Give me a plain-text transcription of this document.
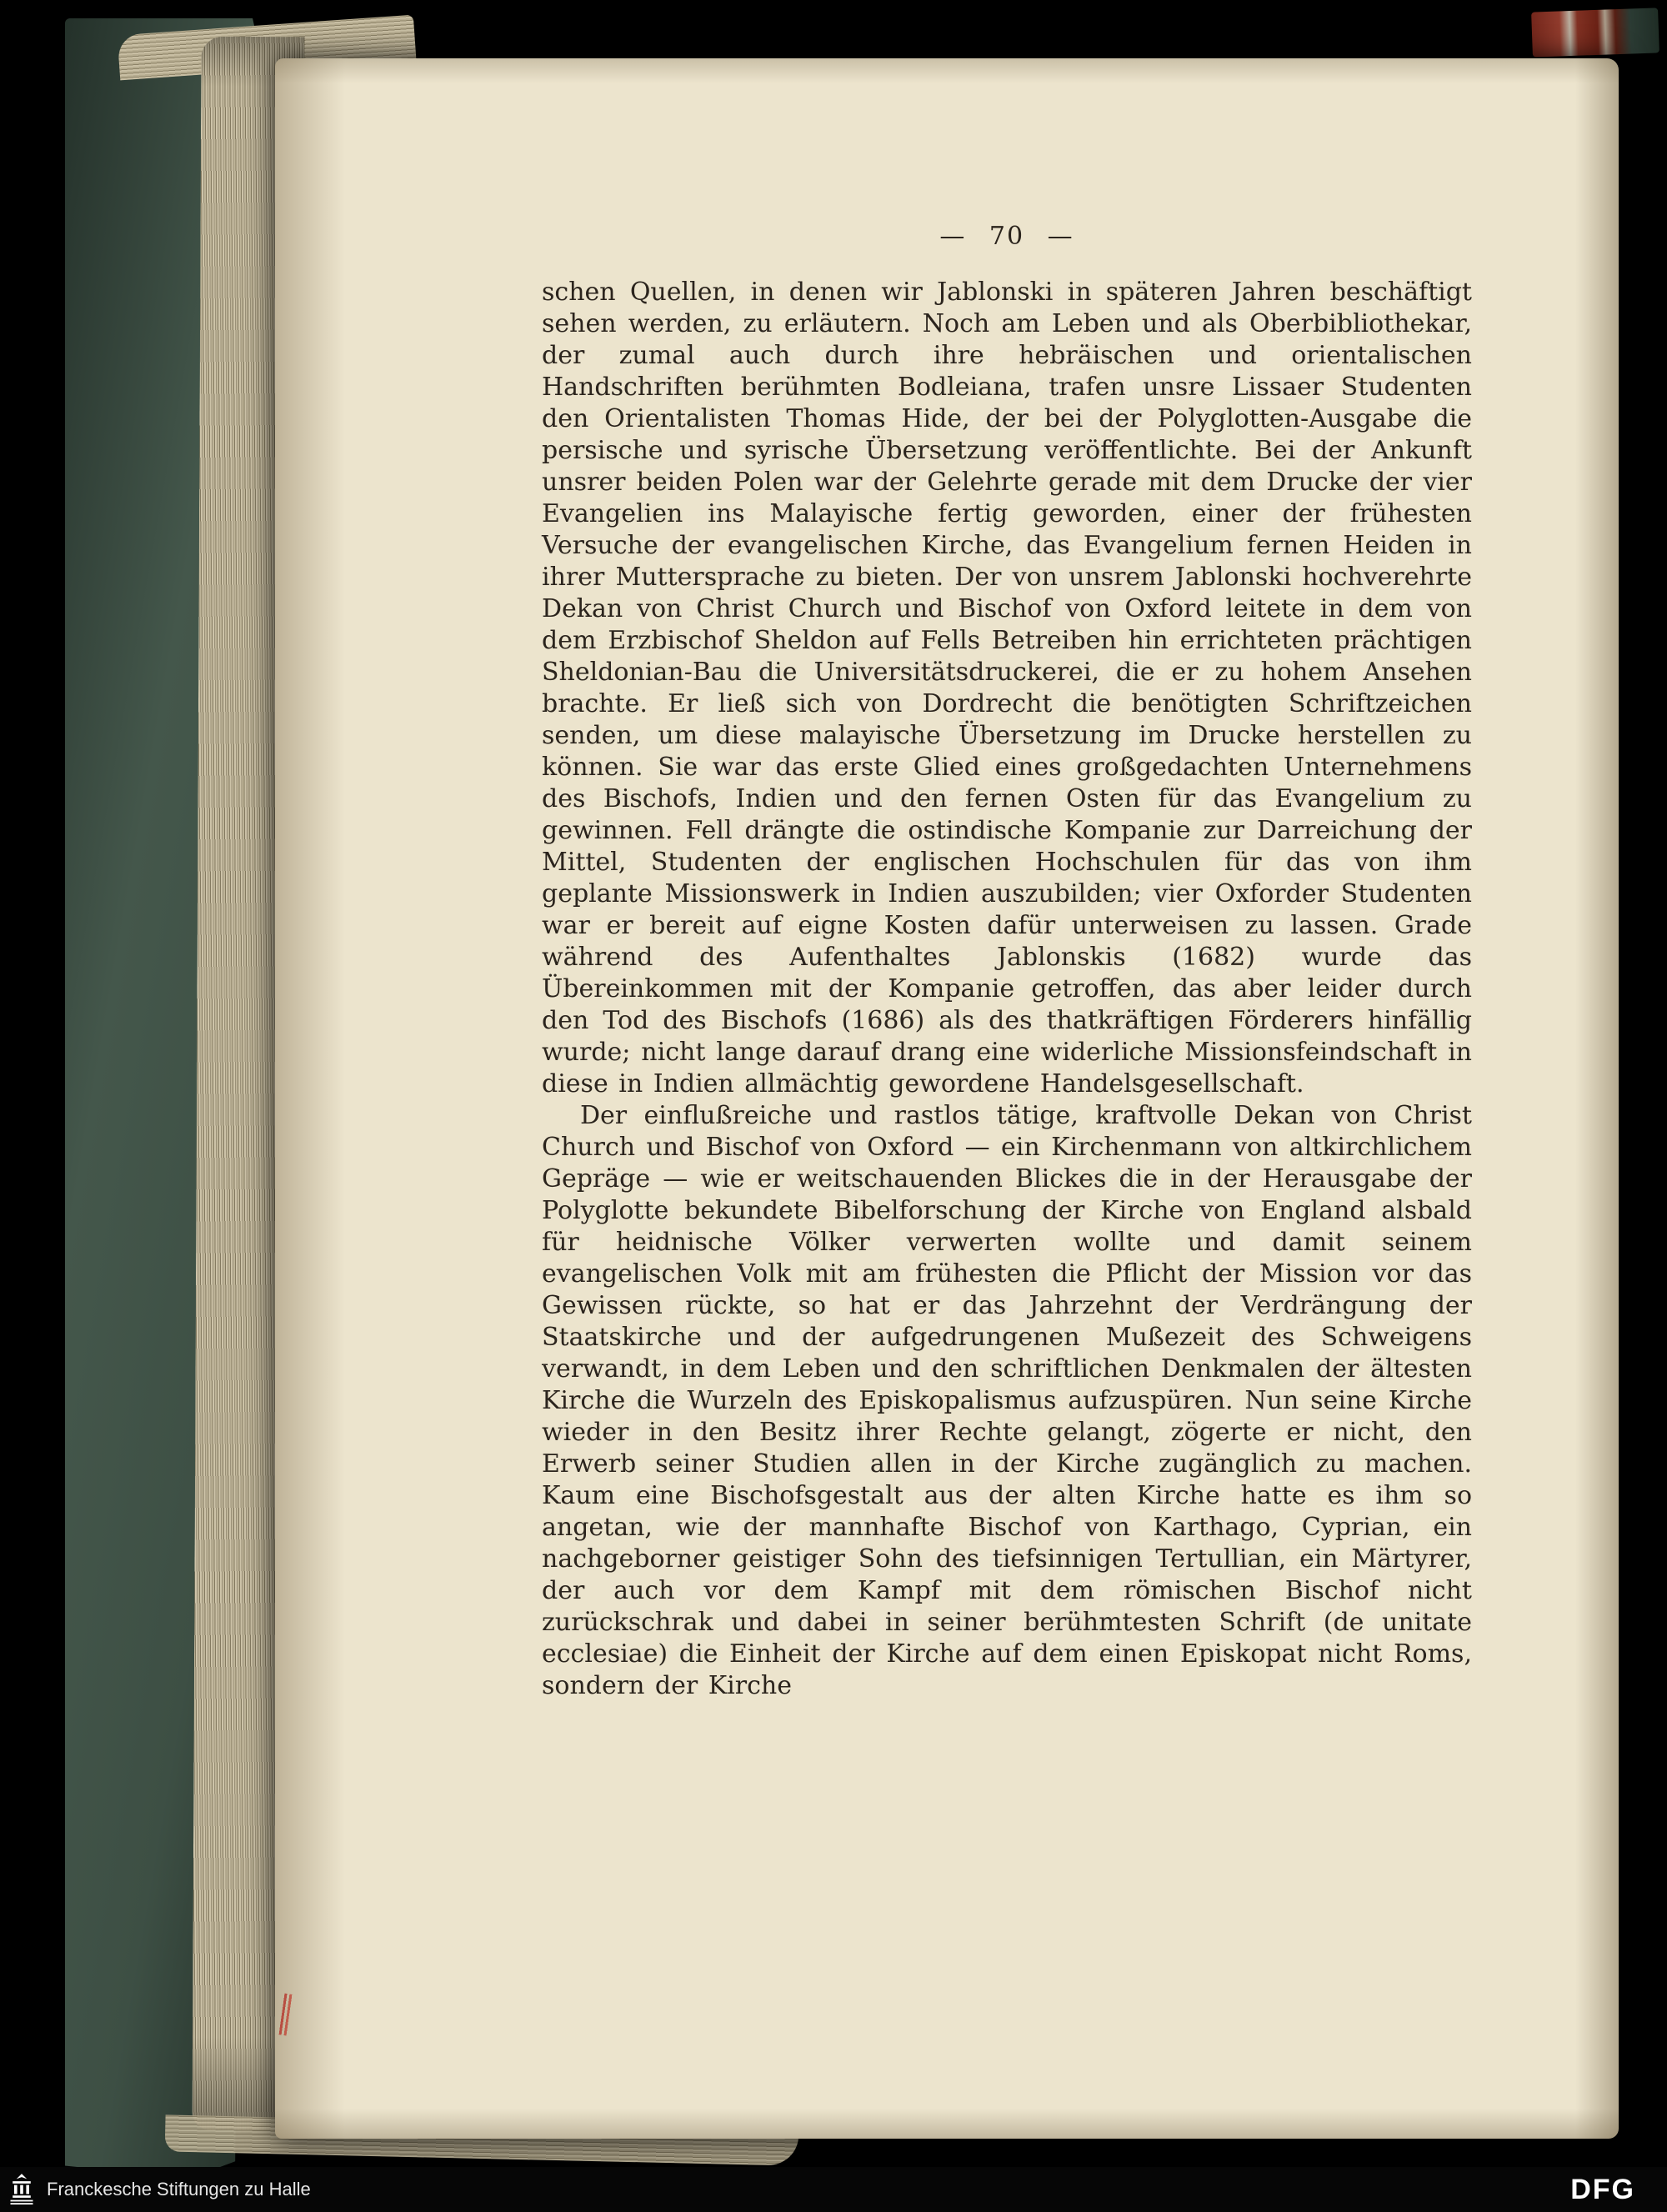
— 70 —

schen Quellen, in denen wir Jablonski in späteren Jahren beschäftigt sehen werden, zu erläutern. Noch am Leben und als Oberbibliothekar, der zumal auch durch ihre hebräischen und orientalischen Handschriften berühmten Bodleiana, trafen unsre Lissaer Studenten den Orientalisten Thomas Hide, der bei der Polyglotten-Ausgabe die persische und syrische Übersetzung veröffentlichte. Bei der Ankunft unsrer beiden Polen war der Gelehrte gerade mit dem Drucke der vier Evangelien ins Malayische fertig geworden, einer der frühesten Versuche der evangelischen Kirche, das Evangelium fernen Heiden in ihrer Muttersprache zu bieten. Der von unsrem Jablonski hochverehrte Dekan von Christ Church und Bischof von Oxford leitete in dem von dem Erzbischof Sheldon auf Fells Betreiben hin errichteten prächtigen Sheldonian-Bau die Universitätsdruckerei, die er zu hohem Ansehen brachte. Er ließ sich von Dordrecht die benötigten Schriftzeichen senden, um diese malayische Übersetzung im Drucke herstellen zu können. Sie war das erste Glied eines großgedachten Unternehmens des Bischofs, Indien und den fernen Osten für das Evangelium zu gewinnen. Fell drängte die ostindische Kompanie zur Darreichung der Mittel, Studenten der englischen Hochschulen für das von ihm geplante Missionswerk in Indien auszubilden; vier Oxforder Studenten war er bereit auf eigne Kosten dafür unterweisen zu lassen. Grade während des Aufenthaltes Jablonskis (1682) wurde das Übereinkommen mit der Kompanie getroffen, das aber leider durch den Tod des Bischofs (1686) als des thatkräftigen Förderers hinfällig wurde; nicht lange darauf drang eine widerliche Missionsfeindschaft in diese in Indien allmächtig gewordene Handelsgesellschaft.

Der einflußreiche und rastlos tätige, kraftvolle Dekan von Christ Church und Bischof von Oxford — ein Kirchenmann von altkirchlichem Gepräge — wie er weitschauenden Blickes die in der Herausgabe der Polyglotte bekundete Bibelforschung der Kirche von England alsbald für heidnische Völker verwerten wollte und damit seinem evangelischen Volk mit am frühesten die Pflicht der Mission vor das Gewissen rückte, so hat er das Jahrzehnt der Verdrängung der Staatskirche und der aufgedrungenen Mußezeit des Schweigens verwandt, in dem Leben und den schriftlichen Denkmalen der ältesten Kirche die Wurzeln des Episkopalismus aufzuspüren. Nun seine Kirche wieder in den Besitz ihrer Rechte gelangt, zögerte er nicht, den Erwerb seiner Studien allen in der Kirche zugänglich zu machen. Kaum eine Bischofsgestalt aus der alten Kirche hatte es ihm so angetan, wie der mannhafte Bischof von Karthago, Cyprian, ein nachgeborner geistiger Sohn des tiefsinnigen Tertullian, ein Märtyrer, der auch vor dem Kampf mit dem römischen Bischof nicht zurückschrak und dabei in seiner berühmtesten Schrift (de unitate ecclesiae) die Einheit der Kirche auf dem einen Episkopat nicht Roms, sondern der Kirche

Franckesche Stiftungen zu Halle	DFG
